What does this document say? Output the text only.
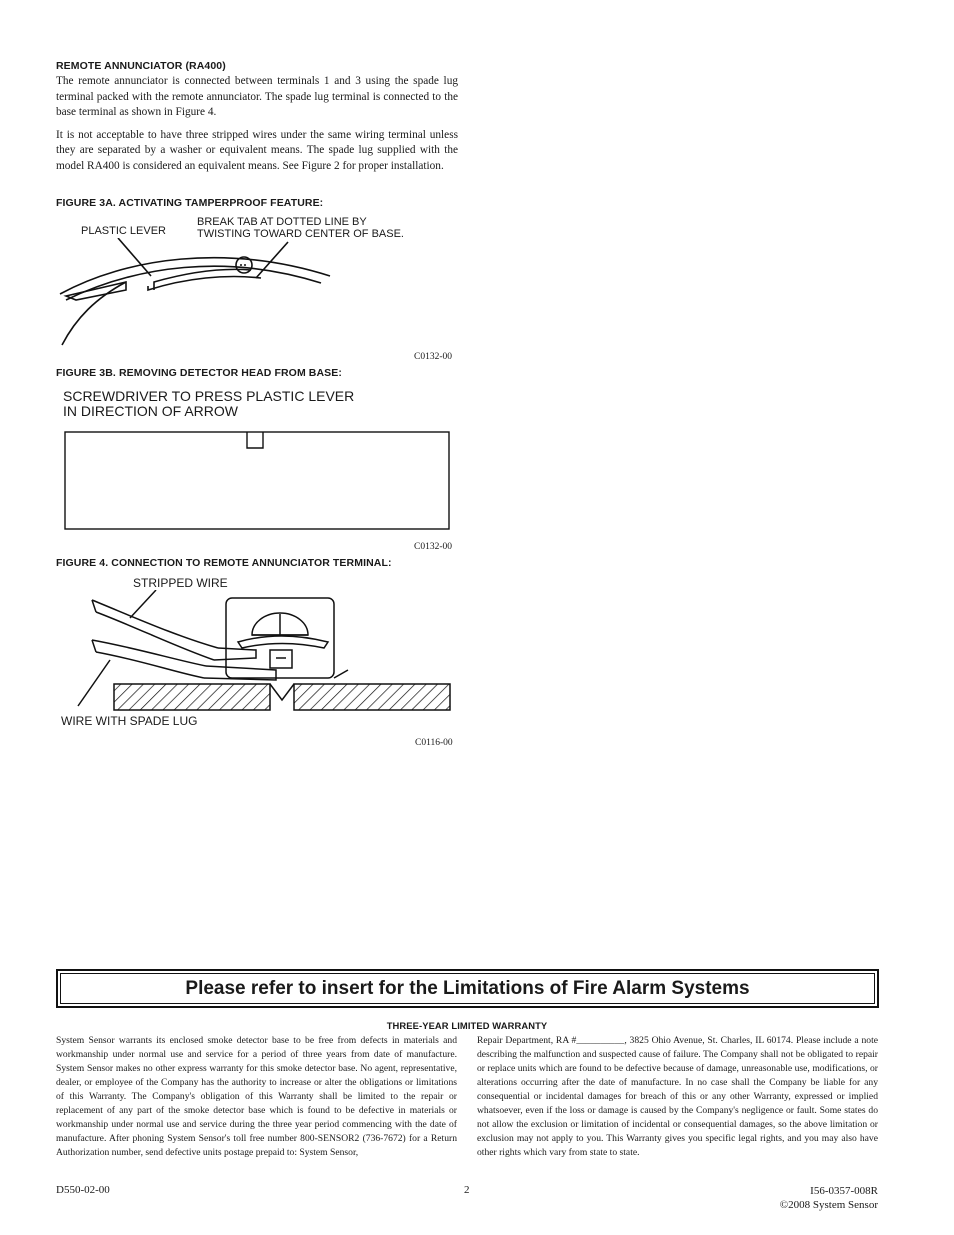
REMOTE ANNUNCIATOR (RA400)

The remote annunciator is connected between terminals 1 and 3 using the spade lug terminal packed with the remote annunciator. The spade lug terminal is connected to the base terminal as shown in Figure 4.

It is not acceptable to have three stripped wires under the same wiring terminal unless they are separated by a washer or equivalent means. The spade lug supplied with the model RA400 is considered an equivalent means. See Figure 2 for proper installation.

FIGURE 3A. ACTIVATING TAMPERPROOF FEATURE:
PLASTIC LEVER
BREAK TAB AT DOTTED LINE BY
TWISTING TOWARD CENTER OF BASE.
C0132-00
FIGURE 3B. REMOVING DETECTOR HEAD FROM BASE:
SCREWDRIVER TO PRESS PLASTIC LEVER
IN DIRECTION OF ARROW
C0132-00
FIGURE 4. CONNECTION TO REMOTE ANNUNCIATOR TERMINAL:
STRIPPED WIRE
WIRE WITH SPADE LUG
C0116-00
Please refer to insert for the Limitations of Fire Alarm Systems
THREE-YEAR LIMITED WARRANTY
System Sensor warrants its enclosed smoke detector base to be free from defects in materials and workmanship under normal use and service for a period of three years from date of manufacture. System Sensor makes no other express warranty for this smoke detector base. No agent, representative, dealer, or employee of the Company has the authority to increase or alter the obligations or limitations of this Warranty. The Company's obligation of this Warranty shall be limited to the repair or replacement of any part of the smoke detector base which is found to be defective in materials or workmanship under normal use and service during the three year period commencing with the date of manufacture. After phoning System Sensor's toll free number 800-SENSOR2 (736-7672) for a Return Authorization number, send defective units postage prepaid to: System Sensor,
Repair Department, RA #__________, 3825 Ohio Avenue, St. Charles, IL 60174. Please include a note describing the malfunction and suspected cause of failure. The Company shall not be obligated to repair or replace units which are found to be defective because of damage, unreasonable use, modifications, or alterations occurring after the date of manufacture. In no case shall the Company be liable for any consequential or incidental damages for breach of this or any other Warranty, expressed or implied whatsoever, even if the loss or damage is caused by the Company's negligence or fault. Some states do not allow the exclusion or limitation of incidental or consequential damages, so the above limitation or exclusion may not apply to you. This Warranty gives you specific legal rights, and you may also have other rights which vary from state to state.
D550-02-00	2	I56-0357-008R
©2008 System Sensor
